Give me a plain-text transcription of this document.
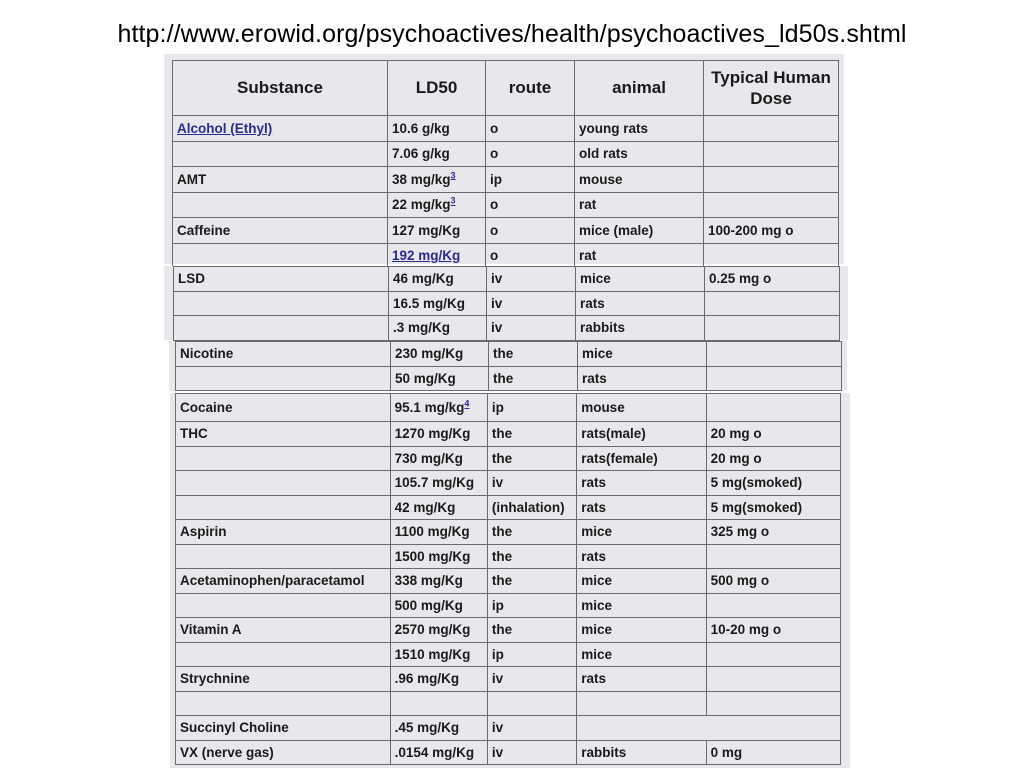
http://www.erowid.org/psychoactives/health/psychoactives_ld50s.shtml
Substance	LD50	route	animal	Typical Human Dose
Alcohol (Ethyl)	10.6 g/kg	o	young rats	
	7.06 g/kg	o	old rats	
AMT	38 $mg/kg^3$	ip	mouse	
	22 $mg/kg^3$	o	rat	
Caffeine	127 mg/Kg	o	mice (male)	100-200 mg o
	192 mg/Kg	o	rat	
LSD	46 mg/Kg	iv	mice	0.25 mg o
	16.5 mg/Kg	iv	rats	
	.3 mg/Kg	iv	rabbits	
Nicotine	230 mg/Kg	the	mice	
	50 mg/Kg	the	rats	
Cocaine	95.1 $mg/kg^4$	ip	mouse	
THC	1270 mg/Kg	the	rats(male)	20 mg o
	730 mg/Kg	the	rats(female)	20 mg o
	105.7 mg/Kg	iv	rats	5 mg(smoked)
	42 mg/Kg	(inhalation)	rats	5 mg(smoked)
Aspirin	1100 mg/Kg	the	mice	325 mg o
	1500 mg/Kg	the	rats	
Acetaminophen/paracetamol	338 mg/Kg	the	mice	500 mg o
	500 mg/Kg	ip	mice	
Vitamin A	2570 mg/Kg	the	mice	10-20 mg o
	1510 mg/Kg	ip	mice	
Strychnine	.96 mg/Kg	iv	rats	

Succinyl Choline	.45 mg/Kg	iv		
VX (nerve gas)	.0154 mg/Kg	iv	rabbits	0 mg
